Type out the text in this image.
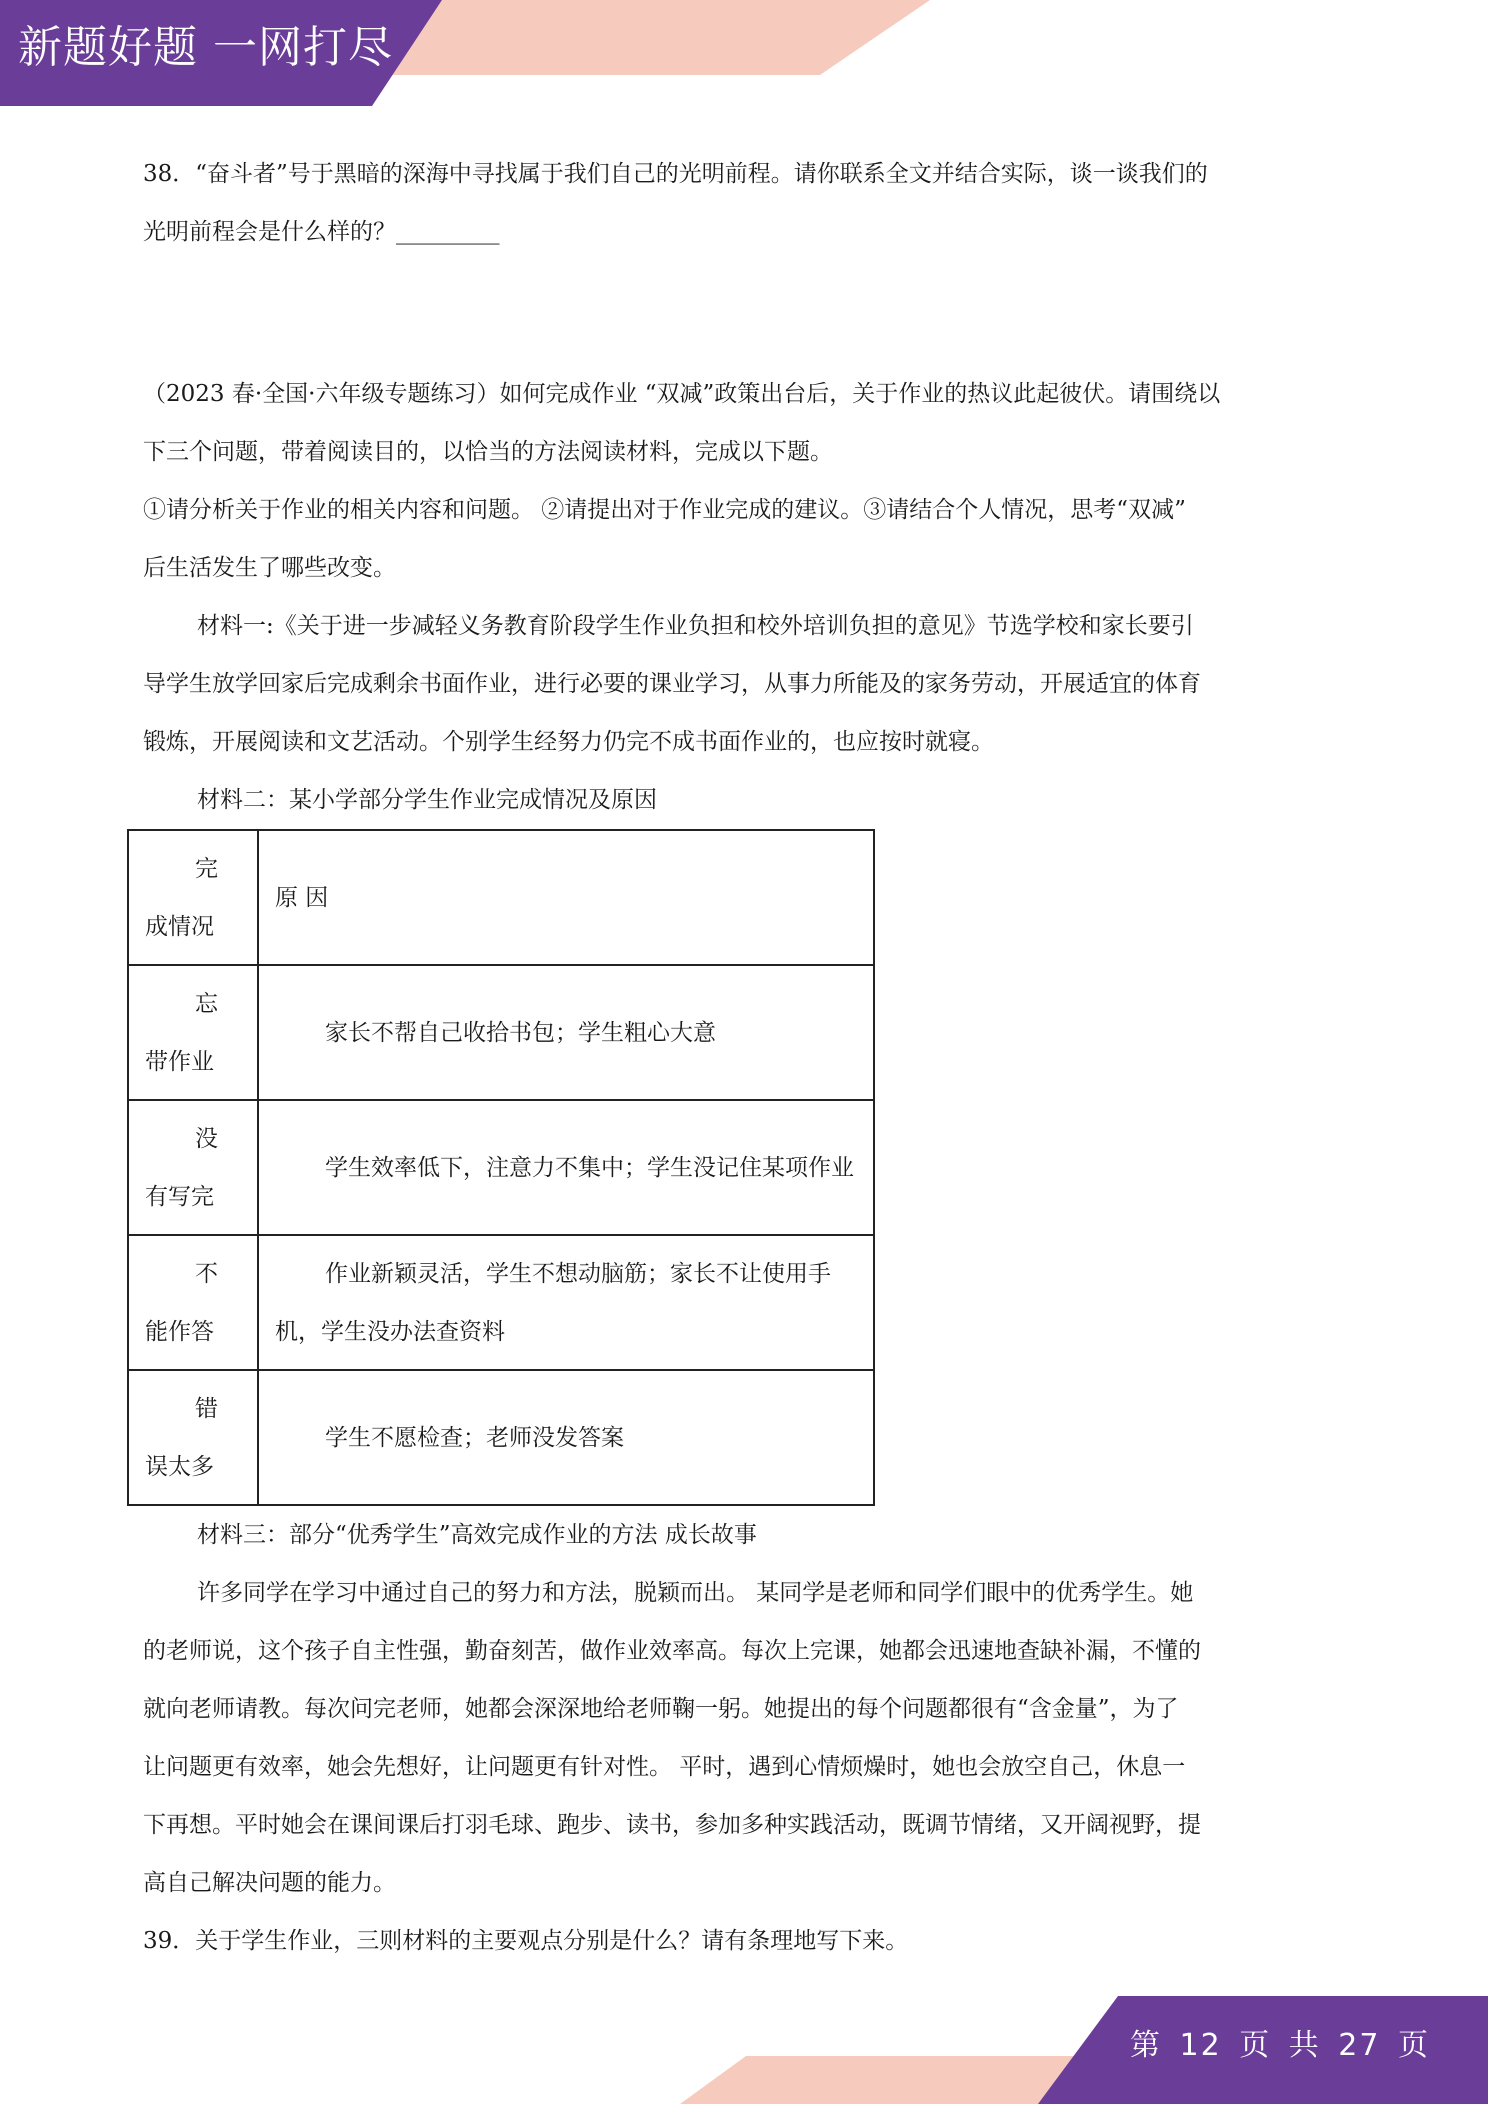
新题好题 一网打尽
第 12 页 共 27 页

38．“奋斗者”号于黑暗的深海中寻找属于我们自己的光明前程。请你联系全文并结合实际，谈一谈我们的

光明前程会是什么样的？_________

（2023 春·全国·六年级专题练习）如何完成作业 “双减”政策出台后，关于作业的热议此起彼伏。请围绕以

下三个问题，带着阅读目的，以恰当的方法阅读材料，完成以下题。

①请分析关于作业的相关内容和问题。 ②请提出对于作业完成的建议。③请结合个人情况，思考“双减”

后生活发生了哪些改变。

材料一:《关于进一步减轻义务教育阶段学生作业负担和校外培训负担的意见》节选学校和家长要引

导学生放学回家后完成剩余书面作业，进行必要的课业学习，从事力所能及的家务劳动，开展适宜的体育

锻炼，开展阅读和文艺活动。个别学生经努力仍完不成书面作业的，也应按时就寝。

材料二：某小学部分学生作业完成情况及原因

完
成情况	原 因

忘
带作业	家长不帮自己收拾书包；学生粗心大意

没
有写完	学生效率低下，注意力不集中；学生没记住某项作业

不
能作答	作业新颖灵活，学生不想动脑筋；家长不让使用手机，学生没办法查资料

错
误太多	学生不愿检查；老师没发答案

材料三：部分“优秀学生”高效完成作业的方法 成长故事

许多同学在学习中通过自己的努力和方法，脱颖而出。 某同学是老师和同学们眼中的优秀学生。她

的老师说，这个孩子自主性强，勤奋刻苦，做作业效率高。每次上完课，她都会迅速地查缺补漏，不懂的

就向老师请教。每次问完老师，她都会深深地给老师鞠一躬。她提出的每个问题都很有“含金量”，为了

让问题更有效率，她会先想好，让问题更有针对性。 平时，遇到心情烦燥时，她也会放空自己，休息一

下再想。平时她会在课间课后打羽毛球、跑步、读书，参加多种实践活动，既调节情绪，又开阔视野，提

高自己解决问题的能力。

39．关于学生作业，三则材料的主要观点分别是什么？请有条理地写下来。
